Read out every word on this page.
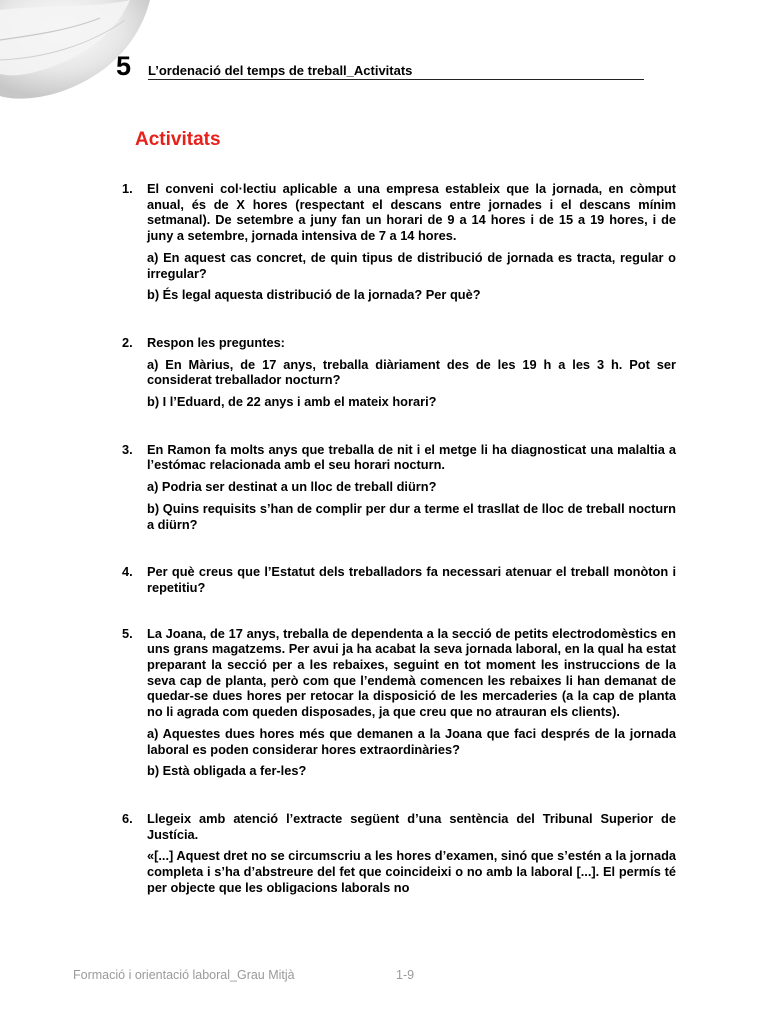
5 L’ordenació del temps de treball_Activitats
Activitats
1. El conveni col·lectiu aplicable a una empresa estableix que la jornada, en còmput anual, és de X hores (respectant el descans entre jornades i el descans mínim setmanal). De setembre a juny fan un horari de 9 a 14 hores i de 15 a 19 hores, i de juny a setembre, jornada intensiva de 7 a 14 hores.

a) En aquest cas concret, de quin tipus de distribució de jornada es tracta, regular o irregular?

b) És legal aquesta distribució de la jornada? Per què?

2. Respon les preguntes:

a) En Màrius, de 17 anys, treballa diàriament des de les 19 h a les 3 h. Pot ser considerat treballador nocturn?

b) I l’Eduard, de 22 anys i amb el mateix horari?

3. En Ramon fa molts anys que treballa de nit i el metge li ha diagnosticat una malaltia a l’estómac relacionada amb el seu horari nocturn.

a) Podria ser destinat a un lloc de treball diürn?

b) Quins requisits s’han de complir per dur a terme el trasllat de lloc de treball nocturn a diürn?

4. Per què creus que l’Estatut dels treballadors fa necessari atenuar el treball monòton i repetitiu?

5. La Joana, de 17 anys, treballa de dependenta a la secció de petits electrodomèstics en uns grans magatzems. Per avui ja ha acabat la seva jornada laboral, en la qual ha estat preparant la secció per a les rebaixes, seguint en tot moment les instruccions de la seva cap de planta, però com que l’endemà comencen les rebaixes li han demanat de quedar-se dues hores per retocar la disposició de les mercaderies (a la cap de planta no li agrada com queden disposades, ja que creu que no atrauran els clients).

a) Aquestes dues hores més que demanen a la Joana que faci després de la jornada laboral es poden considerar hores extraordinàries?

b) Està obligada a fer-les?

6. Llegeix amb atenció l’extracte següent d’una sentència del Tribunal Superior de Justícia.

«[...] Aquest dret no se circumscriu a les hores d’examen, sinó que s’estén a la jornada completa i s’ha d’abstreure del fet que coincideixi o no amb la laboral [...]. El permís té per objecte que les obligacions laborals no

Formació i orientació laboral_Grau Mitjà	1-9
